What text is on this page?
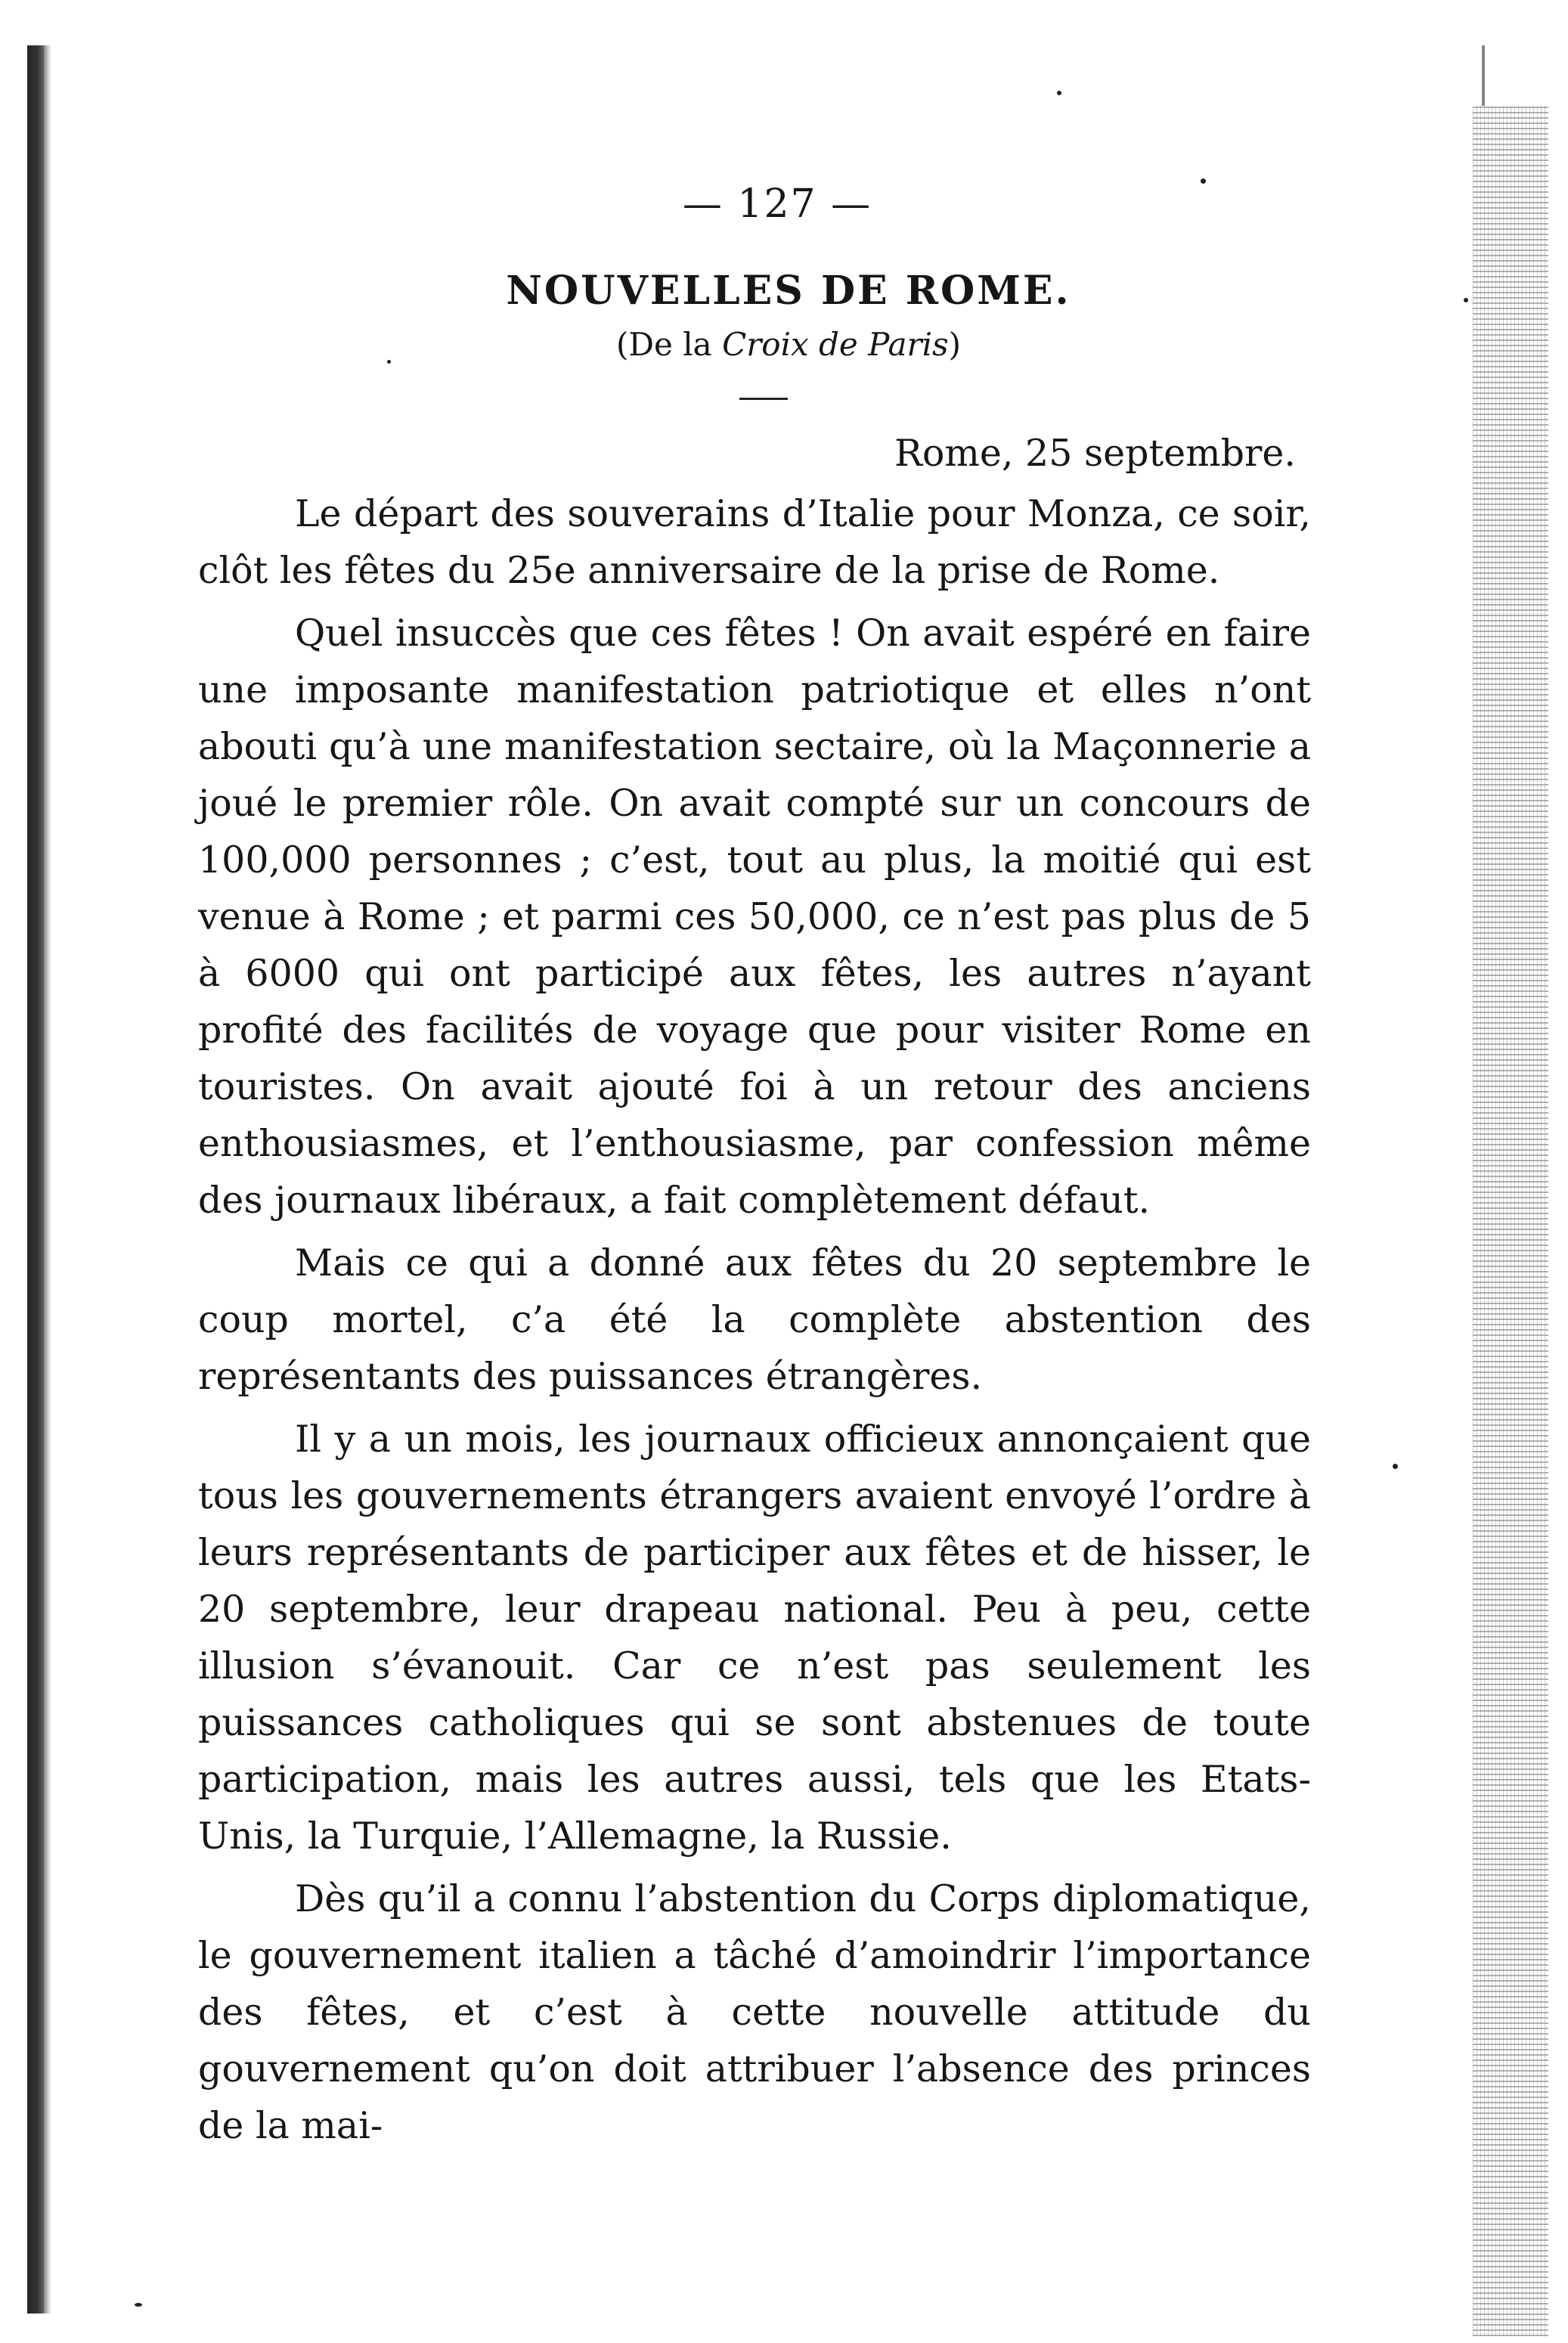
— 127 —
NOUVELLES DE ROME.
(De la Croix de Paris)
Rome, 25 septembre.

Le départ des souverains d’Italie pour Monza, ce soir, clôt les fêtes du 25e anniversaire de la prise de Rome.

Quel insuccès que ces fêtes ! On avait espéré en faire une imposante manifestation patriotique et elles n’ont abouti qu’à une manifestation sectaire, où la Maçonnerie a joué le premier rôle. On avait compté sur un concours de 100,000 personnes ; c’est, tout au plus, la moitié qui est venue à Rome ; et parmi ces 50,000, ce n’est pas plus de 5 à 6000 qui ont participé aux fêtes, les autres n’ayant profité des facilités de voyage que pour visiter Rome en touristes. On avait ajouté foi à un retour des anciens enthousiasmes, et l’enthousiasme, par confession même des journaux libéraux, a fait complètement défaut.

Mais ce qui a donné aux fêtes du 20 septembre le coup mortel, c’a été la complète abstention des représentants des puissances étrangères.

Il y a un mois, les journaux officieux annonçaient que tous les gouvernements étrangers avaient envoyé l’ordre à leurs représentants de participer aux fêtes et de hisser, le 20 septembre, leur drapeau national. Peu à peu, cette illusion s’évanouit. Car ce n’est pas seulement les puissances catholiques qui se sont abstenues de toute participation, mais les autres aussi, tels que les Etats-Unis, la Turquie, l’Allemagne, la Russie.

Dès qu’il a connu l’abstention du Corps diplomatique, le gouvernement italien a tâché d’amoindrir l’importance des fêtes, et c’est à cette nouvelle attitude du gouvernement qu’on doit attribuer l’absence des princes de la mai-
